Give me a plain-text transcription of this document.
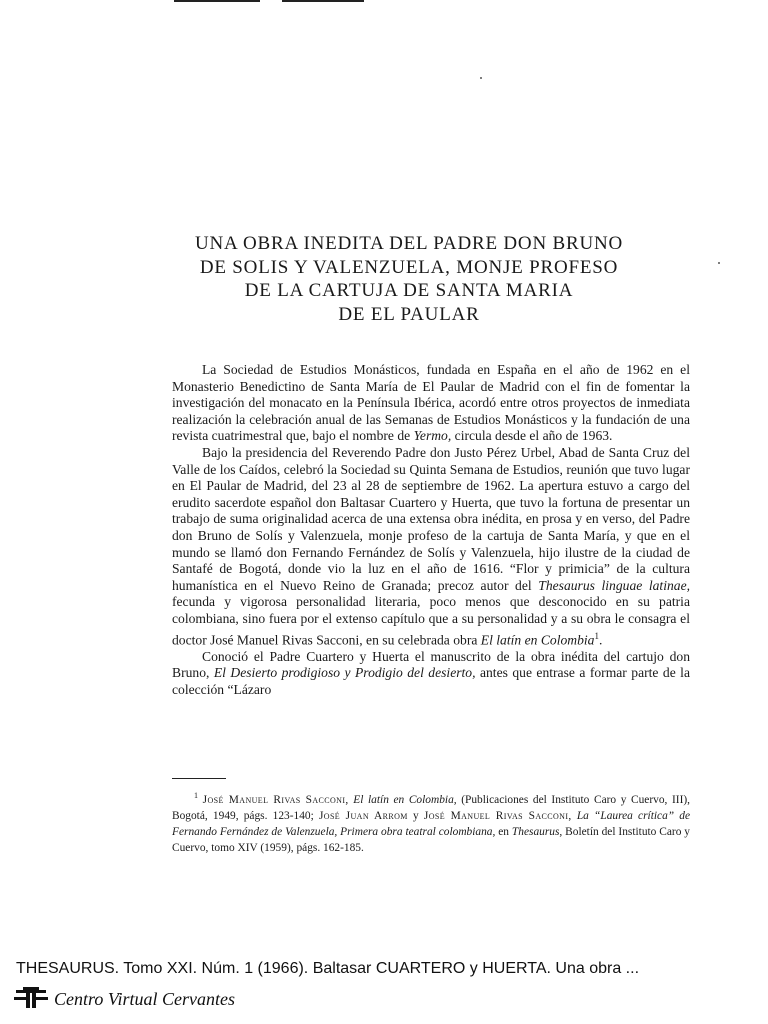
UNA OBRA INEDITA DEL PADRE DON BRUNO
DE SOLIS Y VALENZUELA, MONJE PROFESO
DE LA CARTUJA DE SANTA MARIA
DE EL PAULAR

La Sociedad de Estudios Monásticos, fundada en España en el año de 1962 en el Monasterio Benedictino de Santa María de El Paular de Madrid con el fin de fomentar la investigación del monacato en la Península Ibérica, acordó entre otros proyectos de inmediata realización la celebración anual de las Semanas de Estudios Monásticos y la fundación de una revista cuatrimestral que, bajo el nombre de Yermo, circula desde el año de 1963.

Bajo la presidencia del Reverendo Padre don Justo Pérez Urbel, Abad de Santa Cruz del Valle de los Caídos, celebró la Sociedad su Quinta Semana de Estudios, reunión que tuvo lugar en El Paular de Madrid, del 23 al 28 de septiembre de 1962. La apertura estuvo a cargo del erudito sacerdote español don Baltasar Cuartero y Huerta, que tuvo la fortuna de presentar un trabajo de suma originalidad acerca de una extensa obra inédita, en prosa y en verso, del Padre don Bruno de Solís y Valenzuela, monje profeso de la cartuja de Santa María, y que en el mundo se llamó don Fernando Fernández de Solís y Valenzuela, hijo ilustre de la ciudad de Santafé de Bogotá, donde vio la luz en el año de 1616. “Flor y primicia” de la cultura humanística en el Nuevo Reino de Granada; precoz autor del Thesaurus linguae latinae, fecunda y vigorosa personalidad literaria, poco menos que desconocido en su patria colombiana, sino fuera por el extenso capítulo que a su personalidad y a su obra le consagra el doctor José Manuel Rivas Sacconi, en su celebrada obra El latín en Colombia$^1$.

Conoció el Padre Cuartero y Huerta el manuscrito de la obra inédita del cartujo don Bruno, El Desierto prodigioso y Prodigio del desierto, antes que entrase a formar parte de la colección “Lázaro

$^1$ José Manuel Rivas Sacconi, El latín en Colombia, (Publicaciones del Instituto Caro y Cuervo, III), Bogotá, 1949, págs. 123-140; José Juan Arrom y José Manuel Rivas Sacconi, La “Laurea crítica” de Fernando Fernández de Valenzuela, Primera obra teatral colombiana, en Thesaurus, Boletín del Instituto Caro y Cuervo, tomo XIV (1959), págs. 162-185.

THESAURUS. Tomo XXI. Núm. 1 (1966). Baltasar CUARTERO y HUERTA. Una obra ...
Centro Virtual Cervantes
